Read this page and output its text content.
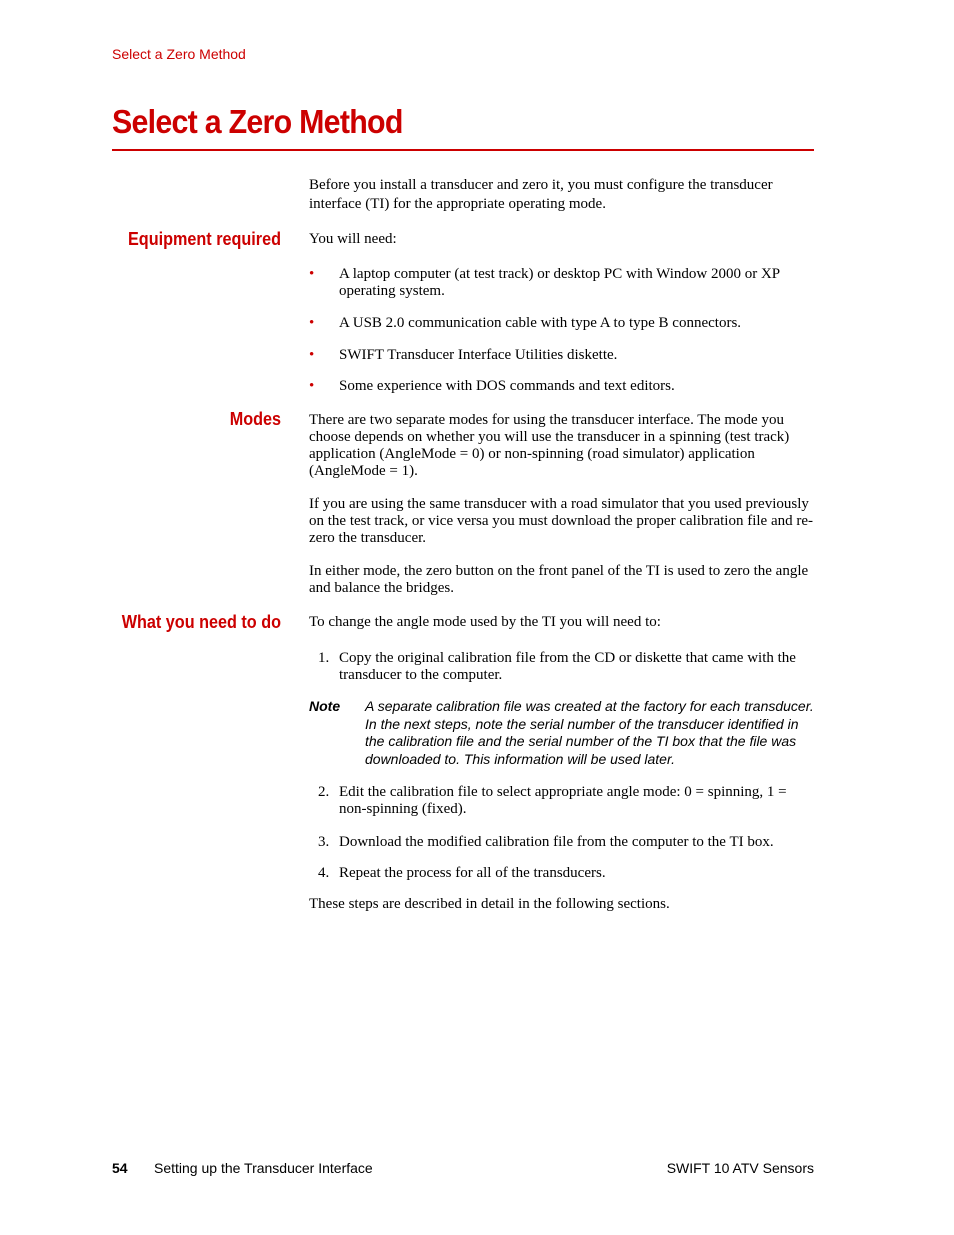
Select a Zero Method
Select a Zero Method

Before you install a transducer and zero it, you must configure the transducer interface (TI) for the appropriate operating mode.

Equipment required You will need:

• A laptop computer (at test track) or desktop PC with Window 2000 or XP operating system.
• A USB 2.0 communication cable with type A to type B connectors.
• SWIFT Transducer Interface Utilities diskette.
• Some experience with DOS commands and text editors.
Modes There are two separate modes for using the transducer interface. The mode you choose depends on whether you will use the transducer in a spinning (test track) application (AngleMode = 0) or non-spinning (road simulator) application (AngleMode = 1).

If you are using the same transducer with a road simulator that you used previously on the test track, or vice versa you must download the proper calibration file and re-zero the transducer.

In either mode, the zero button on the front panel of the TI is used to zero the angle and balance the bridges.

What you need to do To change the angle mode used by the TI you will need to:

1. Copy the original calibration file from the CD or diskette that came with the transducer to the computer.
Note A separate calibration file was created at the factory for each transducer. In the next steps, note the serial number of the transducer identified in the calibration file and the serial number of the TI box that the file was downloaded to. This information will be used later.

2. Edit the calibration file to select appropriate angle mode: 0 = spinning, 1 = non-spinning (fixed).
3. Download the modified calibration file from the computer to the TI box.
4. Repeat the process for all of the transducers.

These steps are described in detail in the following sections.

54 Setting up the Transducer Interface	SWIFT 10 ATV Sensors
